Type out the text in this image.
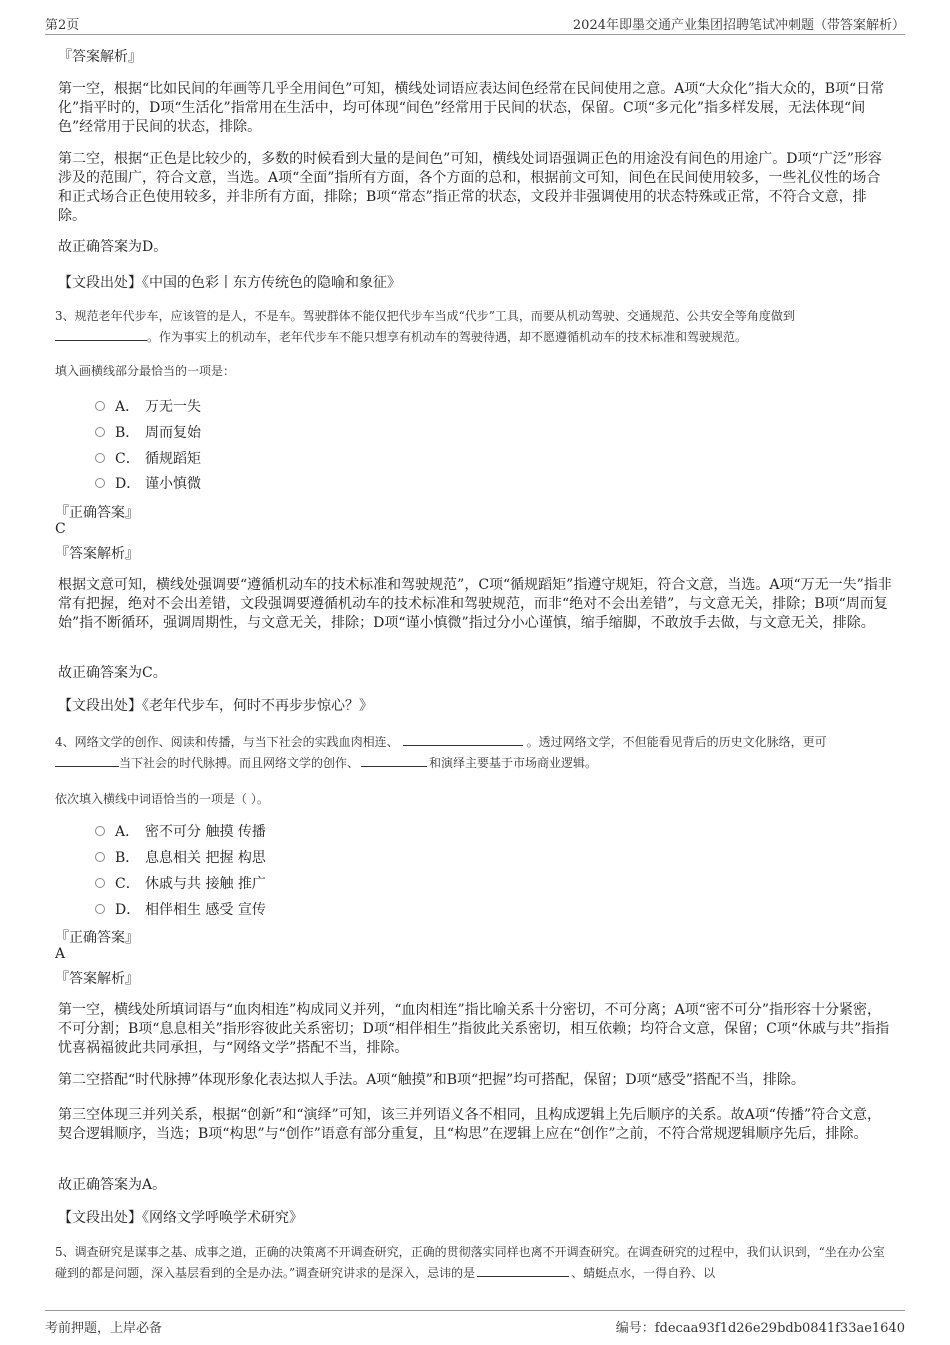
第2页	2024年即墨交通产业集团招聘笔试冲刺题（带答案解析）
『答案解析』

第一空，根据“比如民间的年画等几乎全用间色”可知，横线处词语应表达间色经常在民间使用之意。A项“大众化”指大众的，B项“日常化”指平时的，D项“生活化”指常用在生活中，均可体现“间色”经常用于民间的状态，保留。C项“多元化”指多样发展，无法体现“间色”经常用于民间的状态，排除。

第二空，根据“正色是比较少的，多数的时候看到大量的是间色”可知，横线处词语强调正色的用途没有间色的用途广。D项“广泛”形容涉及的范围广，符合文意，当选。A项“全面”指所有方面，各个方面的总和，根据前文可知，间色在民间使用较多，一些礼仪性的场合和正式场合正色使用较多，并非所有方面，排除；B项“常态”指正常的状态，文段并非强调使用的状态特殊或正常，不符合文意，排除。

故正确答案为D。
【文段出处】《中国的色彩丨东方传统色的隐喻和象征》

3、规范老年代步车，应该管的是人，不是车。驾驶群体不能仅把代步车当成“代步”工具，而要从机动驾驶、交通规范、公共安全等角度做到
。作为事实上的机动车，老年代步车不能只想享有机动车的驾驶待遇，却不愿遵循机动车的技术标准和驾驶规范。

填入画横线部分最恰当的一项是：
A． 万无一失
B． 周而复始
C． 循规蹈矩
D． 谨小慎微
『正确答案』
C
『答案解析』

根据文意可知，横线处强调要“遵循机动车的技术标准和驾驶规范”，C项“循规蹈矩”指遵守规矩，符合文意，当选。A项“万无一失”指非常有把握，绝对不会出差错，文段强调要遵循机动车的技术标准和驾驶规范，而非“绝对不会出差错”，与文意无关，排除；B项“周而复始”指不断循环，强调周期性，与文意无关，排除；D项“谨小慎微”指过分小心谨慎，缩手缩脚，不敢放手去做，与文意无关，排除。

故正确答案为C。
【文段出处】《老年代步车，何时不再步步惊心？》

4、网络文学的创作、阅读和传播，与当下社会的实践血肉相连、	。透过网络文学，不但能看见背后的历史文化脉络，更可
当下社会的时代脉搏。而且网络文学的创作、	和演绎主要基于市场商业逻辑。

依次填入横线中词语恰当的一项是（ ）。
A． 密不可分 触摸 传播
B． 息息相关 把握 构思
C． 休戚与共 接触 推广
D． 相伴相生 感受 宣传
『正确答案』
A
『答案解析』

第一空，横线处所填词语与“血肉相连”构成同义并列，“血肉相连”指比喻关系十分密切，不可分离；A项“密不可分”指形容十分紧密，不可分割；B项“息息相关”指形容彼此关系密切；D项“相伴相生”指彼此关系密切，相互依赖；均符合文意，保留；C项“休戚与共”指指忧喜祸福彼此共同承担，与“网络文学”搭配不当，排除。

第二空搭配“时代脉搏”体现形象化表达拟人手法。A项“触摸”和B项“把握”均可搭配，保留；D项“感受”搭配不当，排除。

第三空体现三并列关系，根据“创新”和“演绎”可知，该三并列语义各不相同，且构成逻辑上先后顺序的关系。故A项“传播”符合文意，契合逻辑顺序，当选；B项“构思”与“创作”语意有部分重复，且“构思”在逻辑上应在“创作”之前，不符合常规逻辑顺序先后，排除。

故正确答案为A。
【文段出处】《网络文学呼唤学术研究》

5、调查研究是谋事之基、成事之道，正确的决策离不开调查研究，正确的贯彻落实同样也离不开调查研究。在调查研究的过程中，我们认识到，“坐在办公室碰到的都是问题，深入基层看到的全是办法。”调查研究讲求的是深入，忌讳的是	、蜻蜓点水，一得自矜、以

考前押题，上岸必备	编号：fdecaa93f1d26e29bdb0841f33ae1640
